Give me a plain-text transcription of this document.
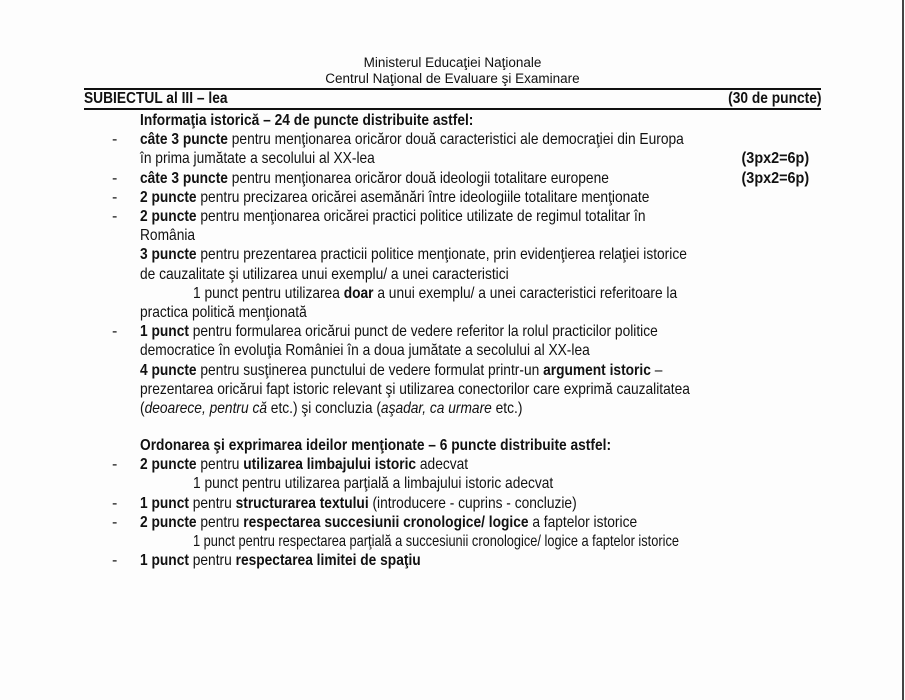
Ministerul Educaţiei Naţionale
Centrul Naţional de Evaluare şi Examinare
SUBIECTUL al III – lea	(30 de puncte)
Informaţia istorică – 24 de puncte distribuite astfel:
- câte 3 puncte pentru menţionarea oricăror două caracteristici ale democraţiei din Europa
în prima jumătate a secolului al XX-lea	(3px2=6p)
- câte 3 puncte pentru menţionarea oricăror două ideologii totalitare europene	(3px2=6p)
- 2 puncte pentru precizarea oricărei asemănări între ideologiile totalitare menţionate
- 2 puncte pentru menţionarea oricărei practici politice utilizate de regimul totalitar în
România
3 puncte pentru prezentarea practicii politice menţionate, prin evidenţierea relaţiei istorice
de cauzalitate şi utilizarea unui exemplu/ a unei caracteristici
1 punct pentru utilizarea doar a unui exemplu/ a unei caracteristici referitoare la
practica politică menţionată
- 1 punct pentru formularea oricărui punct de vedere referitor la rolul practicilor politice
democratice în evoluţia României în a doua jumătate a secolului al XX-lea
4 puncte pentru susţinerea punctului de vedere formulat printr-un argument istoric –
prezentarea oricărui fapt istoric relevant şi utilizarea conectorilor care exprimă cauzalitatea
(deoarece, pentru că etc.) şi concluzia (aşadar, ca urmare etc.)
Ordonarea şi exprimarea ideilor menţionate – 6 puncte distribuite astfel:
- 2 puncte pentru utilizarea limbajului istoric adecvat
1 punct pentru utilizarea parţială a limbajului istoric adecvat
- 1 punct pentru structurarea textului (introducere - cuprins - concluzie)
- 2 puncte pentru respectarea succesiunii cronologice/ logice a faptelor istorice
1 punct pentru respectarea parţială a succesiunii cronologice/ logice a faptelor istorice
- 1 punct pentru respectarea limitei de spaţiu
